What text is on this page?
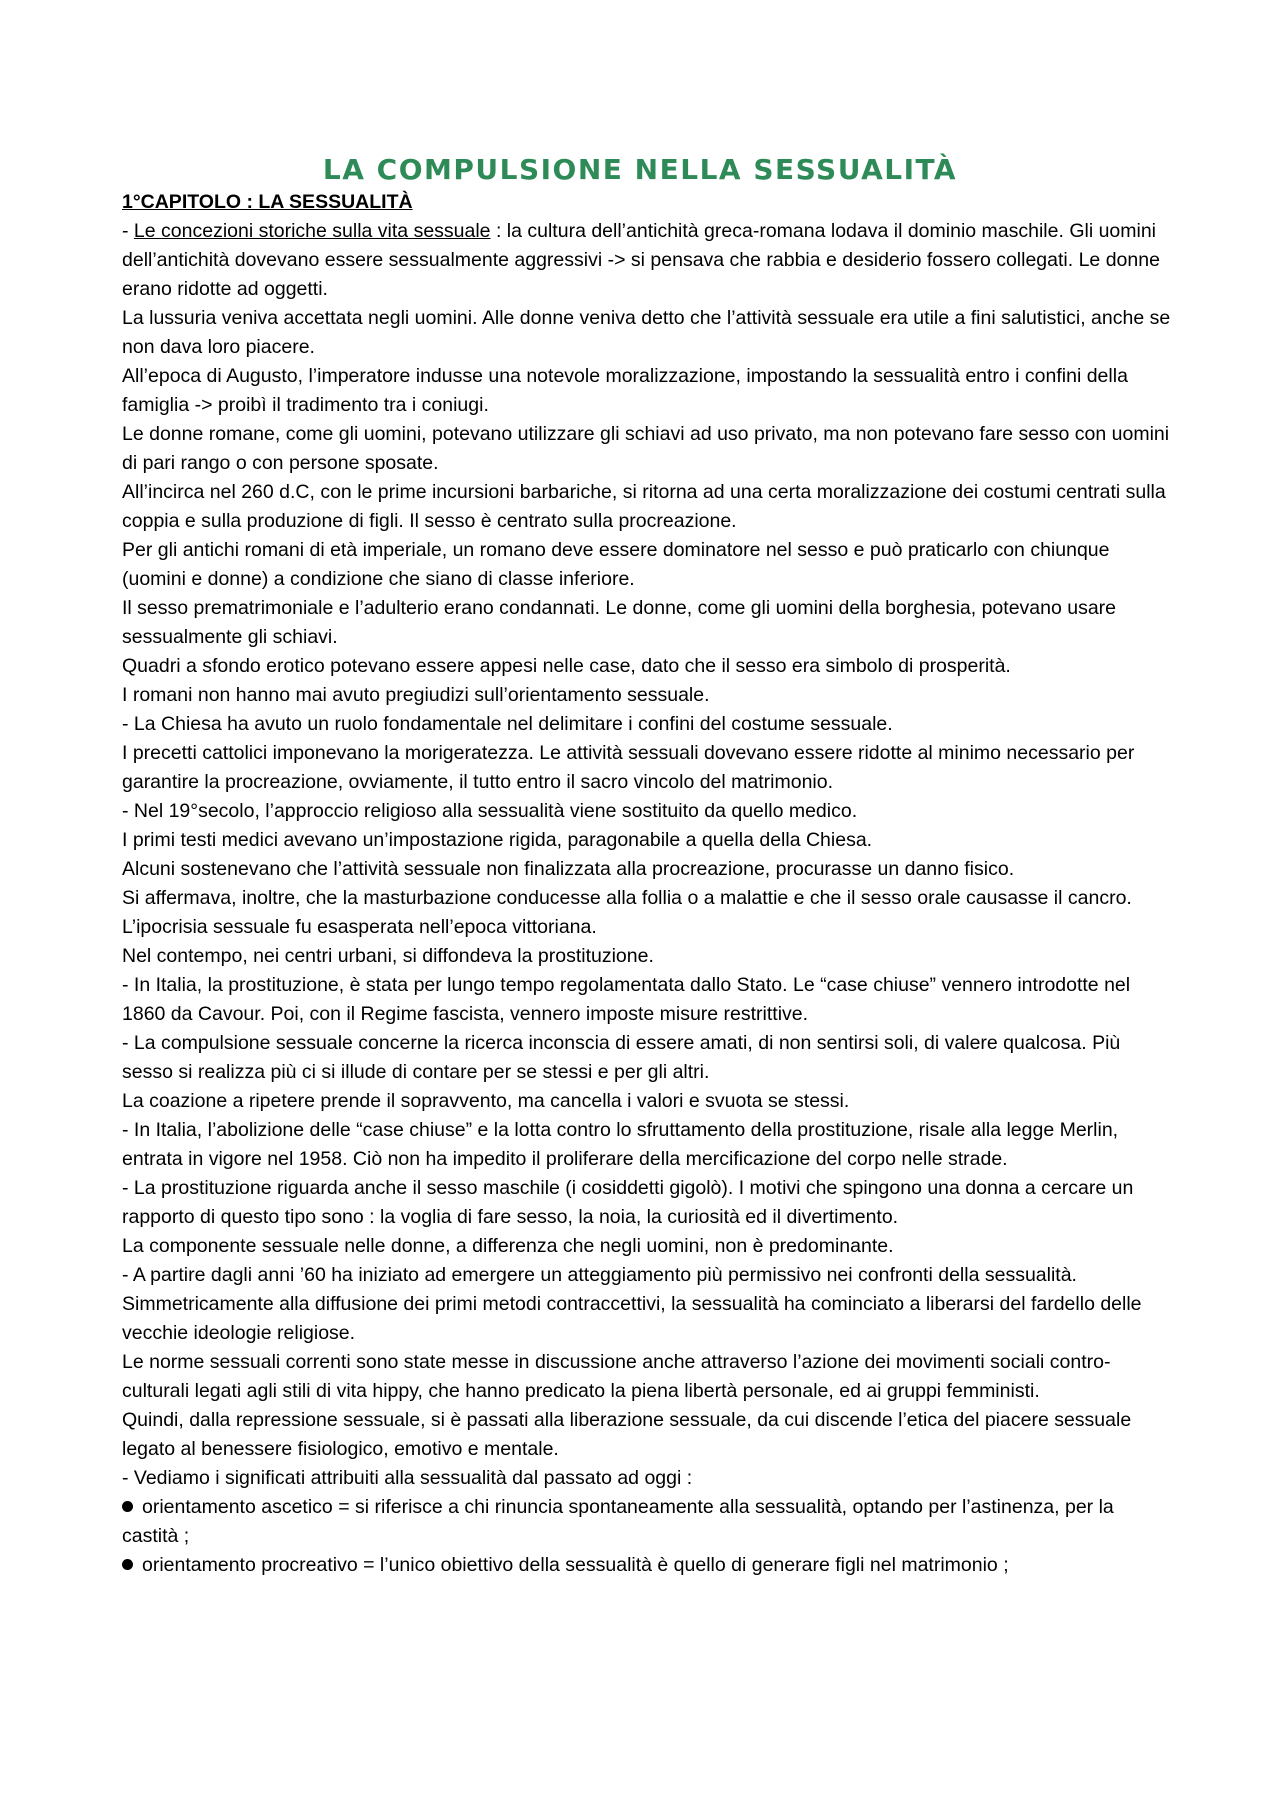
LA COMPULSIONE NELLA SESSUALITÀ

1°CAPITOLO : LA SESSUALITÀ

- Le concezioni storiche sulla vita sessuale : la cultura dell’antichità greca-romana lodava il dominio maschile. Gli uomini dell’antichità dovevano essere sessualmente aggressivi -> si pensava che rabbia e desiderio fossero collegati. Le donne erano ridotte ad oggetti.

La lussuria veniva accettata negli uomini. Alle donne veniva detto che l’attività sessuale era utile a fini salutistici, anche se non dava loro piacere.

All’epoca di Augusto, l’imperatore indusse una notevole moralizzazione, impostando la sessualità entro i confini della famiglia -> proibì il tradimento tra i coniugi.

Le donne romane, come gli uomini, potevano utilizzare gli schiavi ad uso privato, ma non potevano fare sesso con uomini di pari rango o con persone sposate.

All’incirca nel 260 d.C, con le prime incursioni barbariche, si ritorna ad una certa moralizzazione dei costumi centrati sulla coppia e sulla produzione di figli. Il sesso è centrato sulla procreazione.

Per gli antichi romani di età imperiale, un romano deve essere dominatore nel sesso e può praticarlo con chiunque (uomini e donne) a condizione che siano di classe inferiore.

Il sesso prematrimoniale e l’adulterio erano condannati. Le donne, come gli uomini della borghesia, potevano usare sessualmente gli schiavi.

Quadri a sfondo erotico potevano essere appesi nelle case, dato che il sesso era simbolo di prosperità.

I romani non hanno mai avuto pregiudizi sull’orientamento sessuale.

- La Chiesa ha avuto un ruolo fondamentale nel delimitare i confini del costume sessuale.

I precetti cattolici imponevano la morigeratezza. Le attività sessuali dovevano essere ridotte al minimo necessario per garantire la procreazione, ovviamente, il tutto entro il sacro vincolo del matrimonio.

- Nel 19°secolo, l’approccio religioso alla sessualità viene sostituito da quello medico.

I primi testi medici avevano un’impostazione rigida, paragonabile a quella della Chiesa.

Alcuni sostenevano che l’attività sessuale non finalizzata alla procreazione, procurasse un danno fisico.

Si affermava, inoltre, che la masturbazione conducesse alla follia o a malattie e che il sesso orale causasse il cancro.

L’ipocrisia sessuale fu esasperata nell’epoca vittoriana.

Nel contempo, nei centri urbani, si diffondeva la prostituzione.

- In Italia, la prostituzione, è stata per lungo tempo regolamentata dallo Stato. Le “case chiuse” vennero introdotte nel 1860 da Cavour. Poi, con il Regime fascista, vennero imposte misure restrittive.

- La compulsione sessuale concerne la ricerca inconscia di essere amati, di non sentirsi soli, di valere qualcosa. Più sesso si realizza più ci si illude di contare per se stessi e per gli altri.

La coazione a ripetere prende il sopravvento, ma cancella i valori e svuota se stessi.

- In Italia, l’abolizione delle “case chiuse” e la lotta contro lo sfruttamento della prostituzione, risale alla legge Merlin, entrata in vigore nel 1958. Ciò non ha impedito il proliferare della mercificazione del corpo nelle strade.

- La prostituzione riguarda anche il sesso maschile (i cosiddetti gigolò). I motivi che spingono una donna a cercare un rapporto di questo tipo sono : la voglia di fare sesso, la noia, la curiosità ed il divertimento.

La componente sessuale nelle donne, a differenza che negli uomini, non è predominante.

- A partire dagli anni ’60 ha iniziato ad emergere un atteggiamento più permissivo nei confronti della sessualità. Simmetricamente alla diffusione dei primi metodi contraccettivi, la sessualità ha cominciato a liberarsi del fardello delle vecchie ideologie religiose.

Le norme sessuali correnti sono state messe in discussione anche attraverso l’azione dei movimenti sociali contro-culturali legati agli stili di vita hippy, che hanno predicato la piena libertà personale, ed ai gruppi femministi.

Quindi, dalla repressione sessuale, si è passati alla liberazione sessuale, da cui discende l’etica del piacere sessuale legato al benessere fisiologico, emotivo e mentale.

- Vediamo i significati attribuiti alla sessualità dal passato ad oggi :

orientamento ascetico = si riferisce a chi rinuncia spontaneamente alla sessualità, optando per l’astinenza, per la castità ;

orientamento procreativo = l’unico obiettivo della sessualità è quello di generare figli nel matrimonio ;
